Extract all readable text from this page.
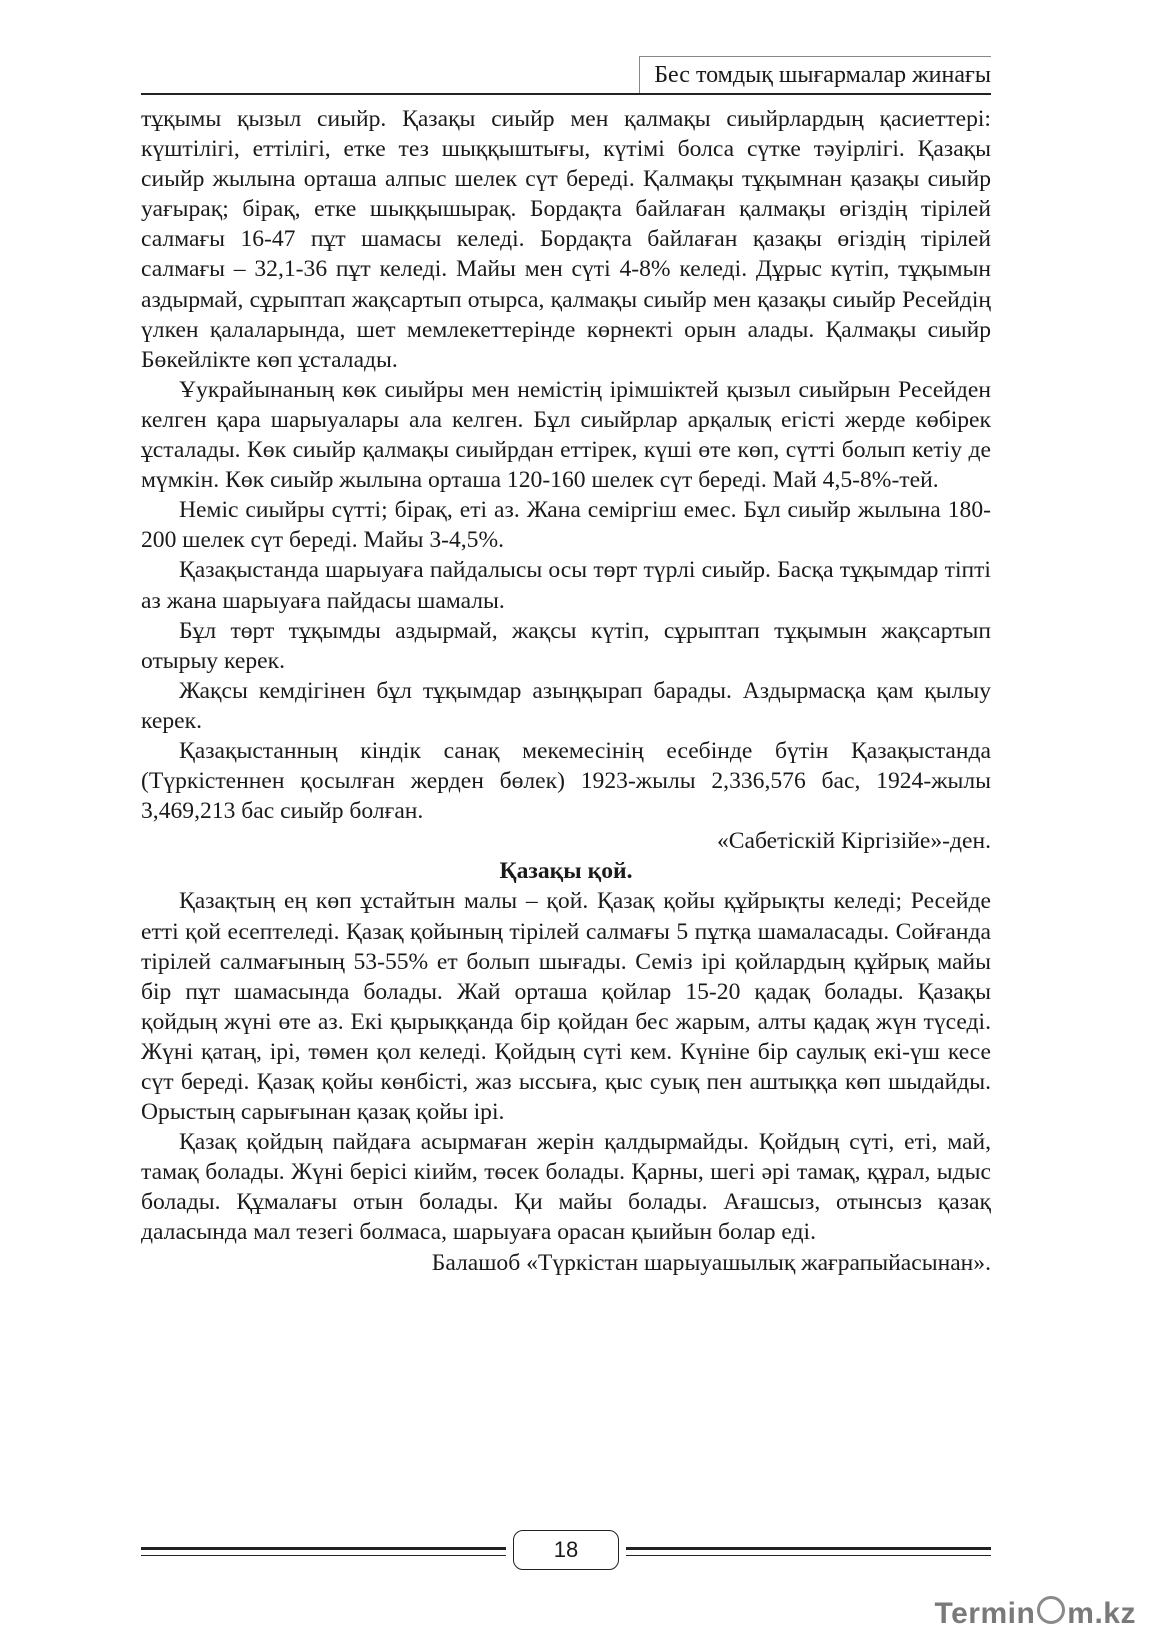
Бес томдық шығармалар жинағы

тұқымы қызыл сиыйр. Қазақы сиыйр мен қалмақы сиыйрлардың қасиеттері: күштілігі, еттілігі, етке тез шыққыштығы, күтімі болса сүтке тәуірлігі. Қазақы сиыйр жылына орташа алпыс шелек сүт береді. Қалмақы тұқымнан қазақы сиыйр уағырақ; бірақ, етке шыққышырақ. Бордақта байлаған қалмақы өгіздің тірілей салмағы 16-47 пұт шамасы келеді. Бордақта байлаған қазақы өгіздің тірілей салмағы – 32,1-36 пұт келеді. Майы мен сүті 4-8% келеді. Дұрыс күтіп, тұқымын аздырмай, сұрыптап жақсартып отырса, қалмақы сиыйр мен қазақы сиыйр Ресейдің үлкен қалаларында, шет мемлекеттерінде көрнекті орын алады. Қалмақы сиыйр Бөкейлікте көп ұсталады.

Ұукрайынаның көк сиыйры мен немістің ірімшіктей қызыл сиыйрын Ресейден келген қара шарыуалары ала келген. Бұл сиыйрлар арқалық егісті жерде көбірек ұсталады. Көк сиыйр қалмақы сиыйрдан еттірек, күші өте көп, сүтті болып кетіу де мүмкін. Көк сиыйр жылына орташа 120-160 шелек сүт береді. Май 4,5-8%-тей.

Неміс сиыйры сүтті; бірақ, еті аз. Жана семіргіш емес. Бұл сиыйр жылына 180-200 шелек сүт береді. Майы 3-4,5%.

Қазақыстанда шарыуаға пайдалысы осы төрт түрлі сиыйр. Басқа тұқымдар тіпті аз жана шарыуаға пайдасы шамалы.

Бұл төрт тұқымды аздырмай, жақсы күтіп, сұрыптап тұқымын жақсартып отырыу керек.

Жақсы кемдігінен бұл тұқымдар азыңқырап барады. Аздырмасқа қам қылыу керек.

Қазақыстанның кіндік санақ мекемесінің есебінде бүтін Қазақыстанда (Түркістеннен қосылған жерден бөлек) 1923-жылы 2,336,576 бас, 1924-жылы 3,469,213 бас сиыйр болған.

«Сабетіскій Кіргізійе»-ден.

Қазақы қой.

Қазақтың ең көп ұстайтын малы – қой. Қазақ қойы құйрықты келеді; Ресейде етті қой есептеледі. Қазақ қойының тірілей салмағы 5 пұтқа шамаласады. Сойғанда тірілей салмағының 53-55% ет болып шығады. Семіз ірі қойлардың құйрық майы бір пұт шамасында болады. Жай орташа қойлар 15-20 қадақ болады. Қазақы қойдың жүні өте аз. Екі қырыққанда бір қойдан бес жарым, алты қадақ жүн түседі. Жүні қатаң, ірі, төмен қол келеді. Қойдың сүті кем. Күніне бір саулық екі-үш кесе сүт береді. Қазақ қойы көнбісті, жаз ыссыға, қыс суық пен аштыққа көп шыдайды. Орыстың сарығынан қазақ қойы ірі.

Қазақ қойдың пайдаға асырмаған жерін қалдырмайды. Қойдың сүті, еті, май, тамақ болады. Жүні берісі кіийм, төсек болады. Қарны, шегі әрі тамақ, құрал, ыдыс болады. Құмалағы отын болады. Қи майы болады. Ағашсыз, отынсыз қазақ даласында мал тезегі болмаса, шарыуаға орасан қыийын болар еді.

Балашоб «Түркістан шарыуашылық жағрапыйасынан».

18
Termin m.kz
